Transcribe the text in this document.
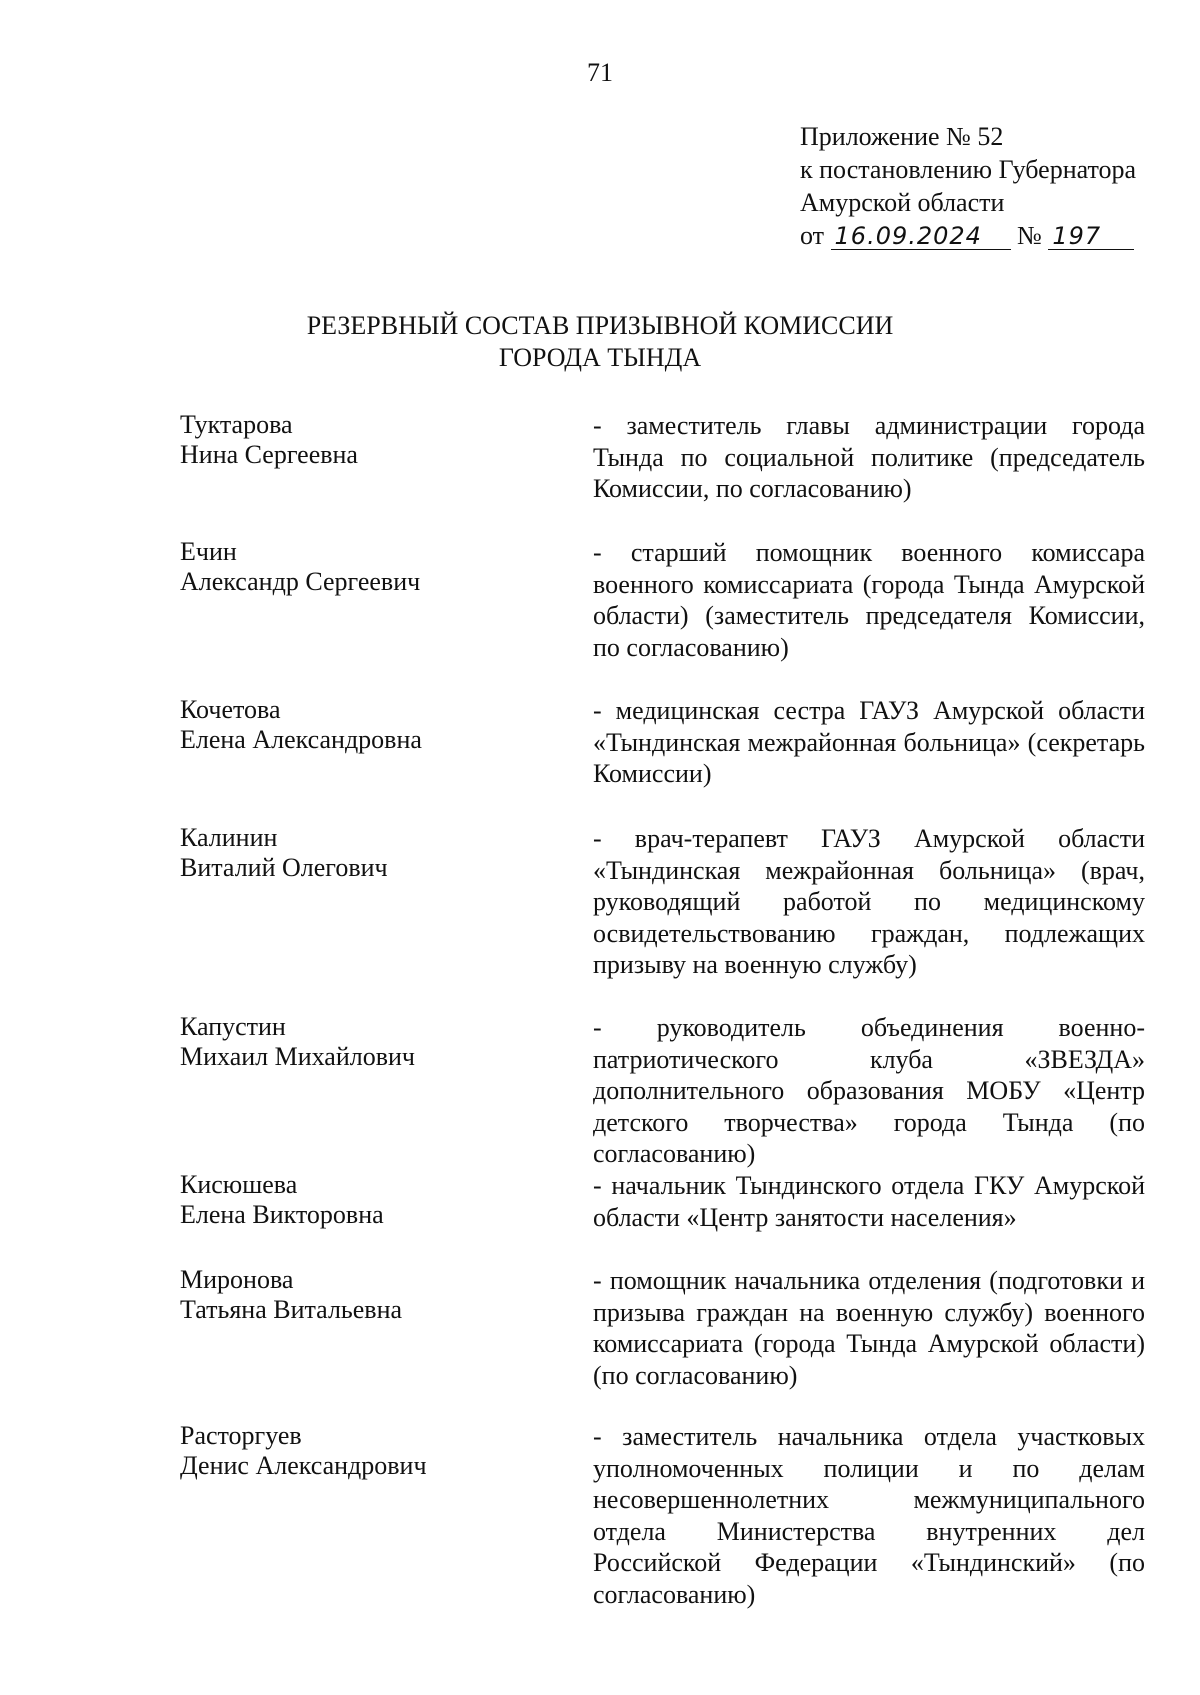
71
Приложение № 52
к постановлению Губернатора
Амурской области
от 16.09.2024 № 197
РЕЗЕРВНЫЙ СОСТАВ ПРИЗЫВНОЙ КОМИССИИ
ГОРОДА ТЫНДА
Туктарова
Нина Сергеевна
- заместитель главы администрации города Тында по социальной политике (председатель Комиссии, по согласованию)
Ечин
Александр Сергеевич
- старший помощник военного комиссара военного комиссариата (города Тында Амурской области) (заместитель председателя Комиссии, по согласованию)
Кочетова
Елена Александровна
- медицинская сестра ГАУЗ Амурской области «Тындинская межрайонная больница» (секретарь Комиссии)
Калинин
Виталий Олегович
- врач-терапевт ГАУЗ Амурской области «Тындинская межрайонная больница» (врач, руководящий работой по медицинскому освидетельствованию граждан, подлежащих призыву на военную службу)
Капустин
Михаил Михайлович
- руководитель объединения военно-патриотического клуба «ЗВЕЗДА» дополнительного образования МОБУ «Центр детского творчества» города Тында (по согласованию)
Кисюшева
Елена Викторовна
- начальник Тындинского отдела ГКУ Амурской области «Центр занятости населения»
Миронова
Татьяна Витальевна
- помощник начальника отделения (подготовки и призыва граждан на военную службу) военного комиссариата (города Тында Амурской области) (по согласованию)
Расторгуев
Денис Александрович
- заместитель начальника отдела участковых уполномоченных полиции и по делам несовершеннолетних межмуниципального отдела Министерства внутренних дел Российской Федерации «Тындинский» (по согласованию)
